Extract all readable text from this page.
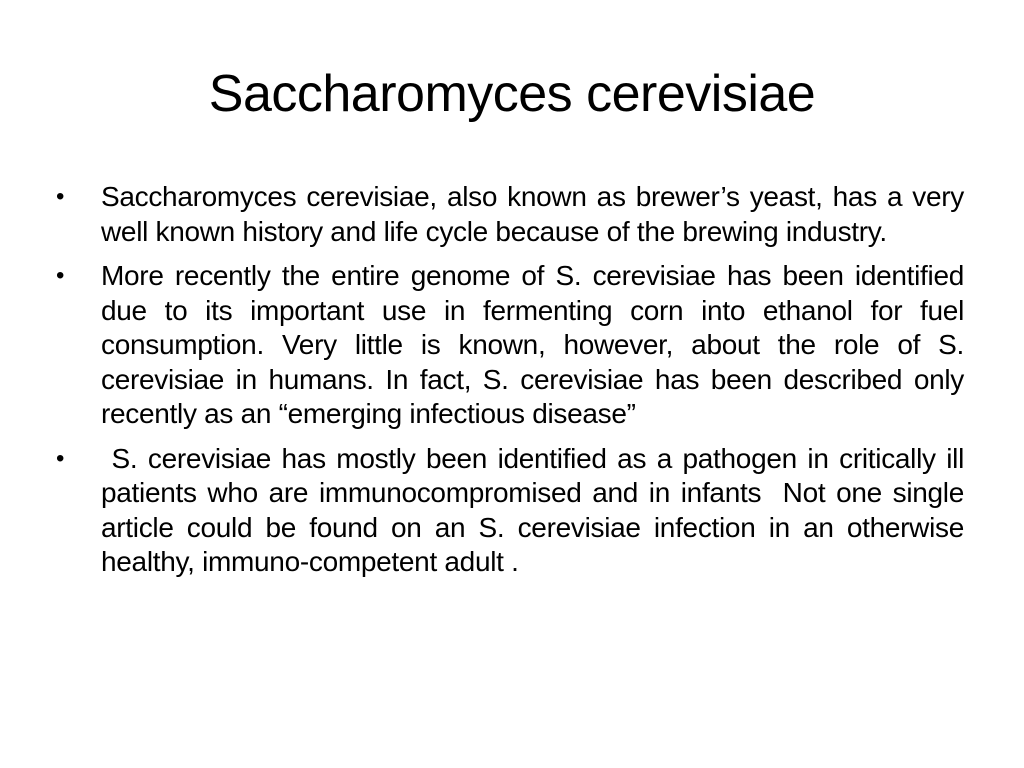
Saccharomyces cerevisiae
•	Saccharomyces cerevisiae, also known as brewer’s yeast, has a very well known history and life cycle because of the brewing industry.
•	More recently the entire genome of S. cerevisiae has been identified due to its important use in fermenting corn into ethanol for fuel consumption. Very little is known, however, about the role of S. cerevisiae in humans. In fact, S. cerevisiae has been described only recently as an “emerging infectious disease”
•	S. cerevisiae has mostly been identified as a pathogen in critically ill patients who are immunocompromised and in infants  Not one single article could be found on an S. cerevisiae infection in an otherwise healthy, immuno-competent adult .
